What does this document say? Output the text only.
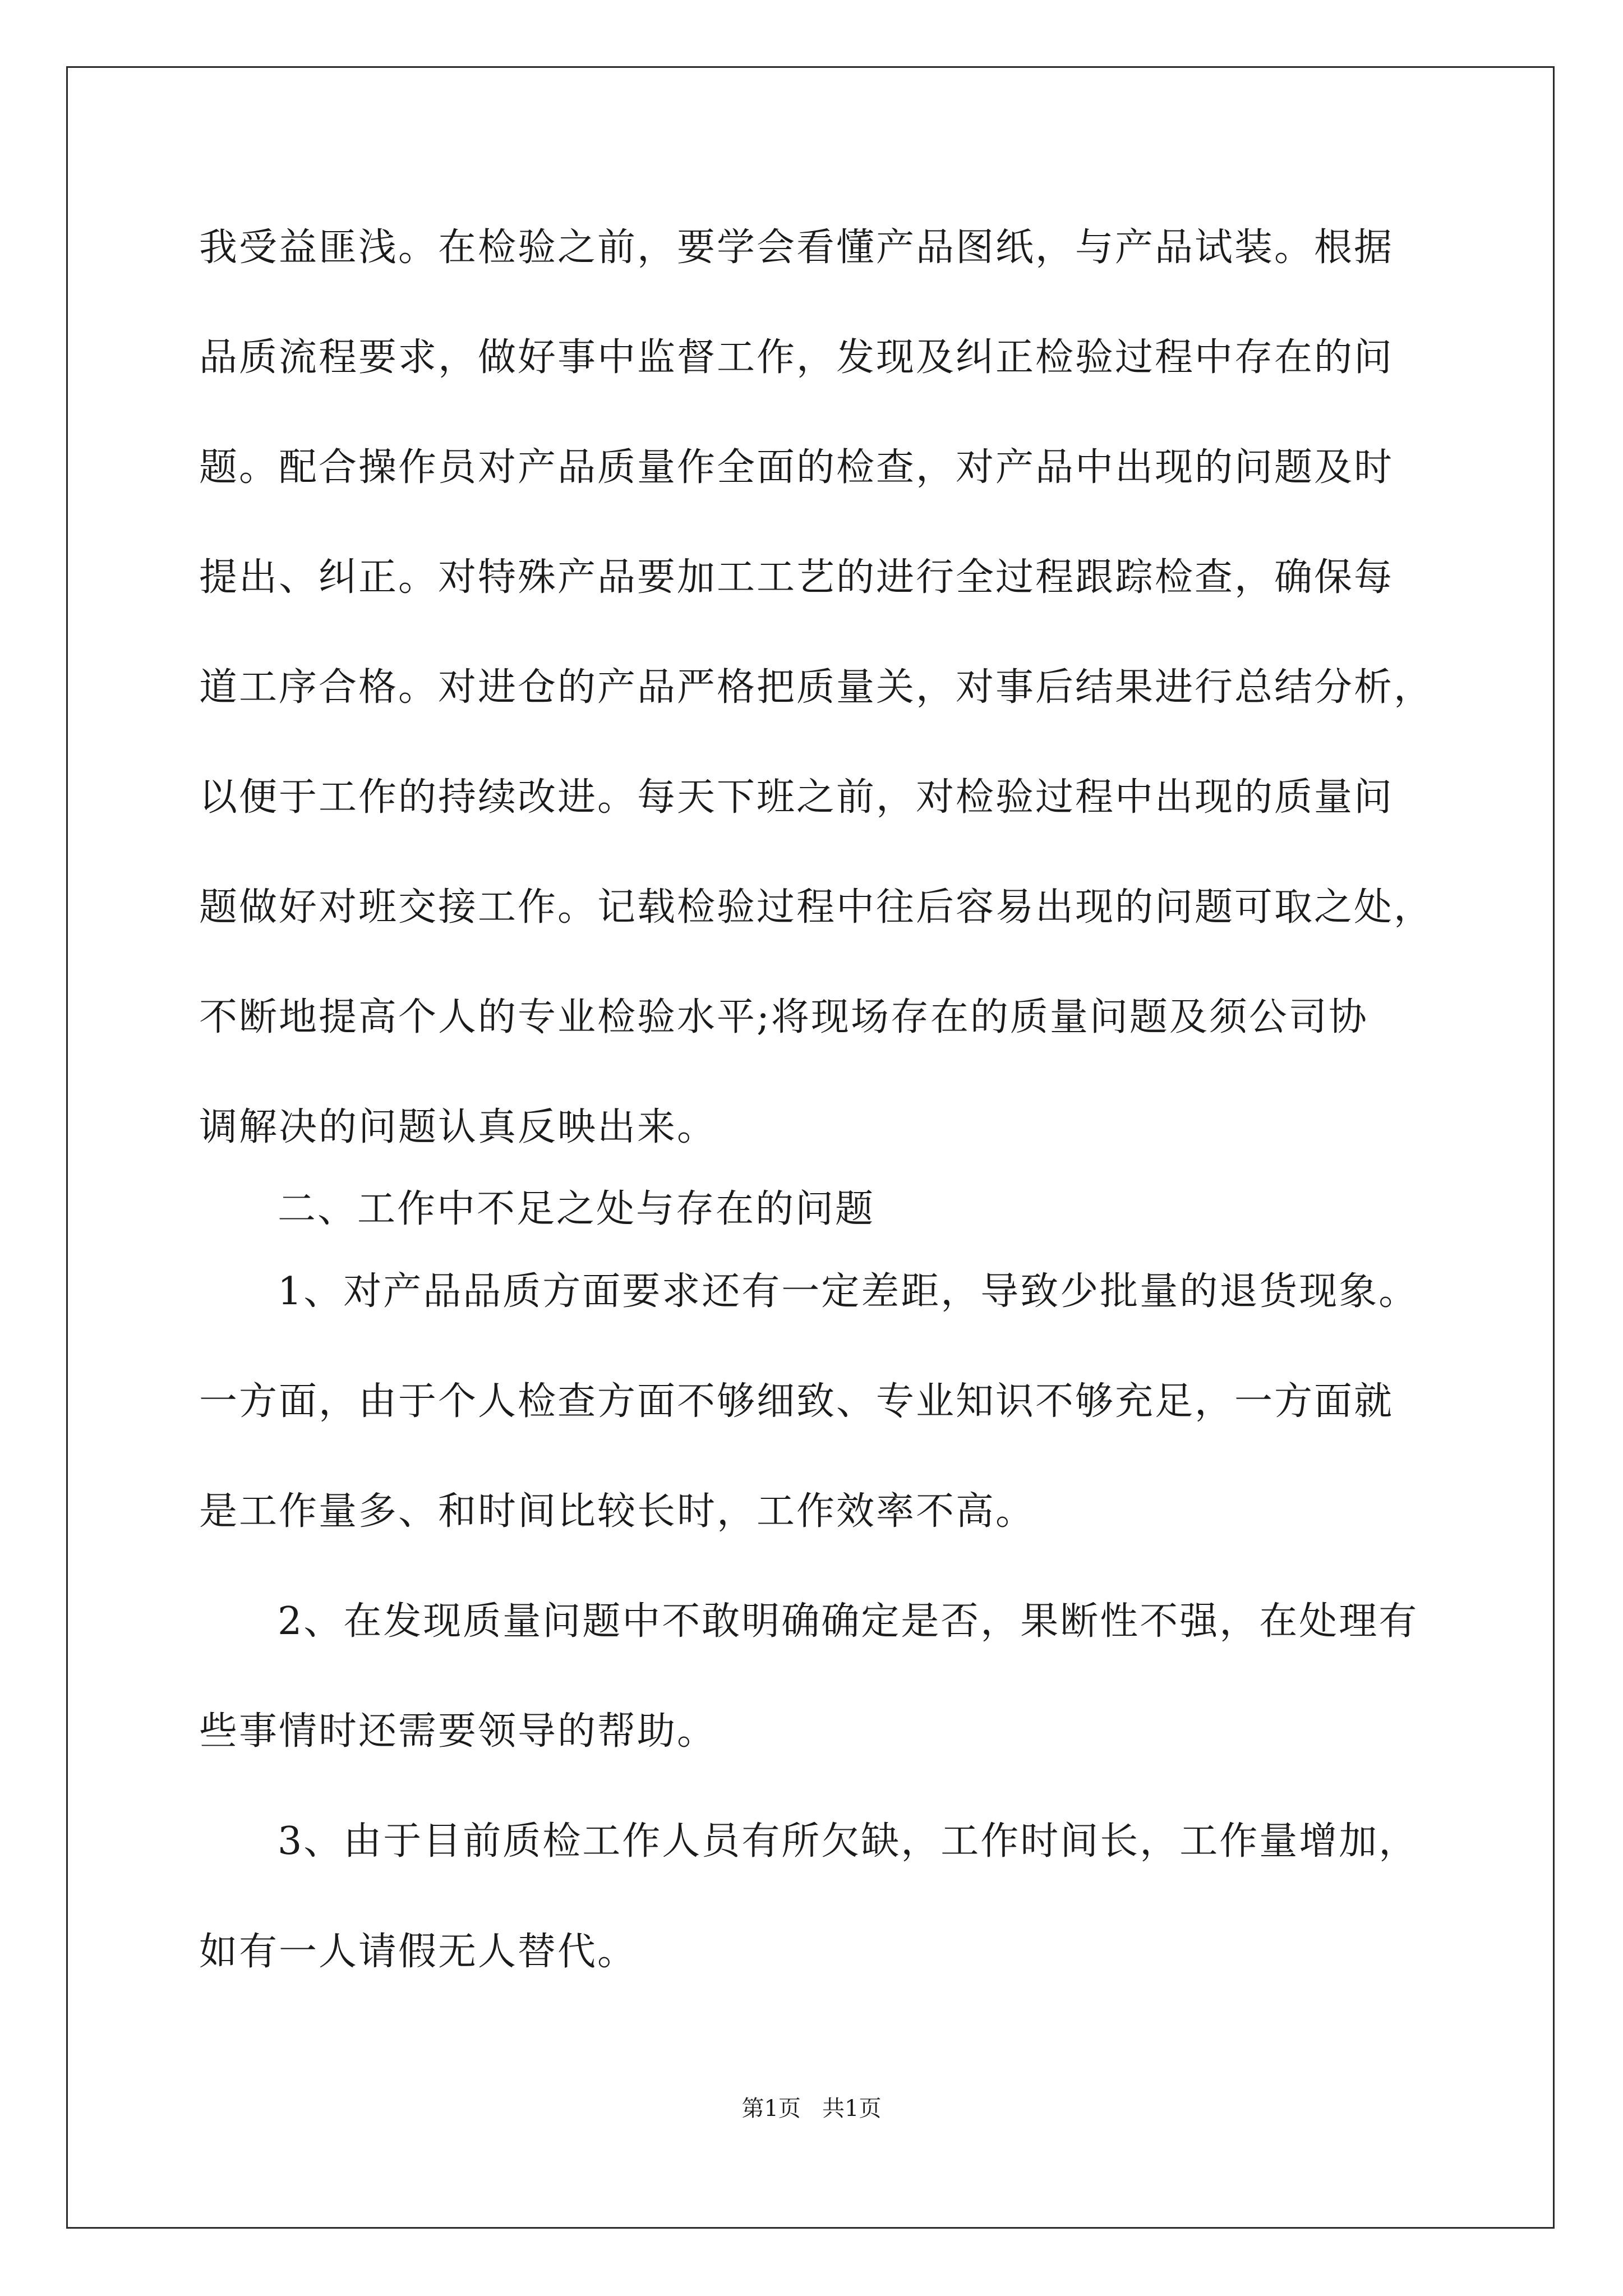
我受益匪浅。在检验之前，要学会看懂产品图纸，与产品试装。根据

品质流程要求，做好事中监督工作，发现及纠正检验过程中存在的问

题。配合操作员对产品质量作全面的检查，对产品中出现的问题及时

提出、纠正。对特殊产品要加工工艺的进行全过程跟踪检查，确保每

道工序合格。对进仓的产品严格把质量关，对事后结果进行总结分析，

以便于工作的持续改进。每天下班之前，对检验过程中出现的质量问

题做好对班交接工作。记载检验过程中往后容易出现的问题可取之处，

不断地提高个人的专业检验水平;将现场存在的质量问题及须公司协

调解决的问题认真反映出来。

二、工作中不足之处与存在的问题

1、对产品品质方面要求还有一定差距，导致少批量的退货现象。

一方面，由于个人检查方面不够细致、专业知识不够充足，一方面就

是工作量多、和时间比较长时，工作效率不高。

2、在发现质量问题中不敢明确确定是否，果断性不强，在处理有

些事情时还需要领导的帮助。

3、由于目前质检工作人员有所欠缺，工作时间长，工作量增加，

如有一人请假无人替代。

第1页   共1页
